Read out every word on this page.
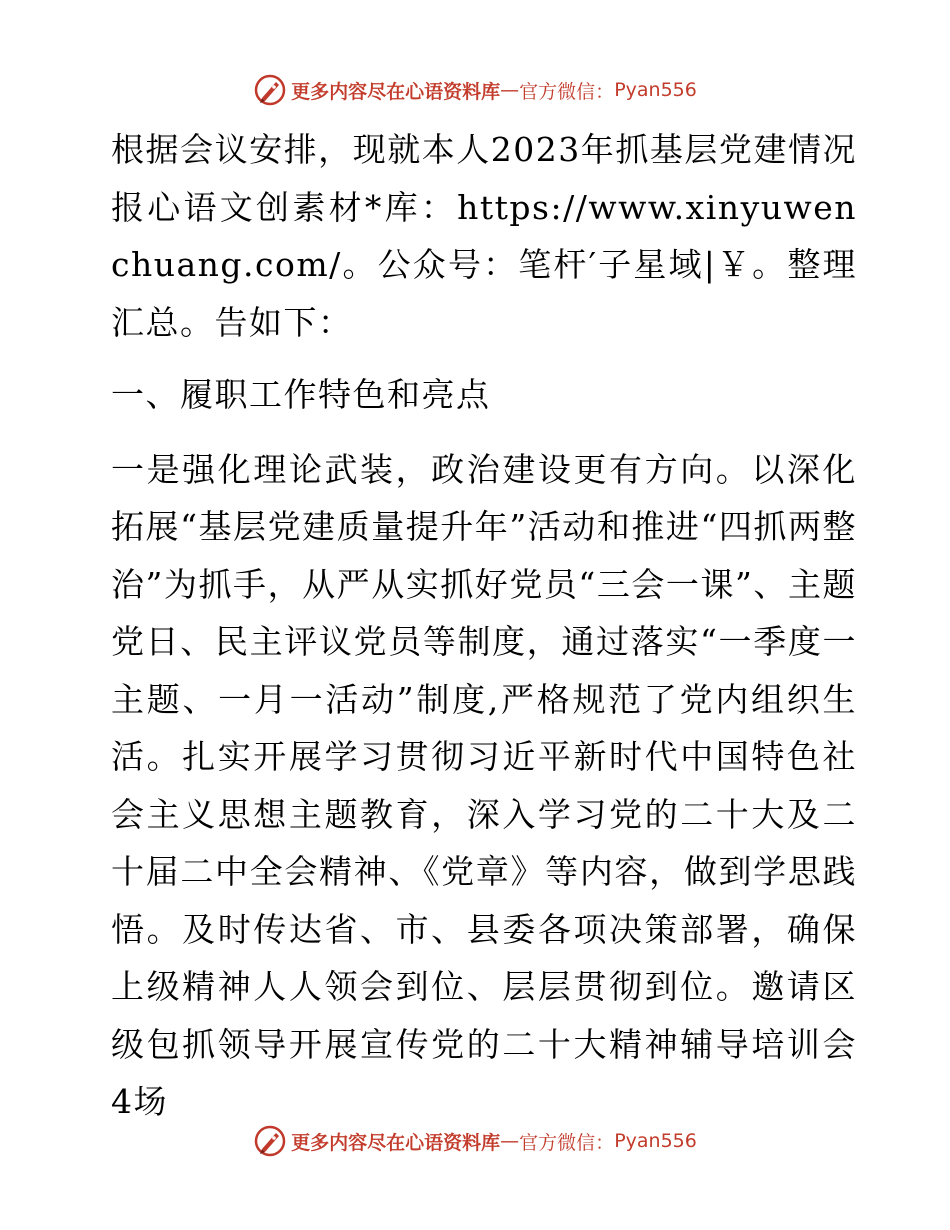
更多内容尽在心语资料库 — 官方微信： Pyan556

根据会议安排，现就本人2023年抓基层党建情况报心语文创素材*库：https://www.xinyuwenchuang.com/。公众号：笔杆′子星域|￥。整理汇总。告如下：

一、履职工作特色和亮点

一是强化理论武装，政治建设更有方向。以深化拓展“基层党建质量提升年”活动和推进“四抓两整治”为抓手，从严从实抓好党员“三会一课”、主题党日、民主评议党员等制度，通过落实“一季度一主题、一月一活动”制度,严格规范了党内组织生活。扎实开展学习贯彻习近平新时代中国特色社会主义思想主题教育，深入学习党的二十大及二十届二中全会精神、《党章》等内容，做到学思践悟。及时传达省、市、县委各项决策部署，确保上级精神人人领会到位、层层贯彻到位。邀请区级包抓领导开展宣传党的二十大精神辅导培训会4场

更多内容尽在心语资料库 — 官方微信： Pyan556
